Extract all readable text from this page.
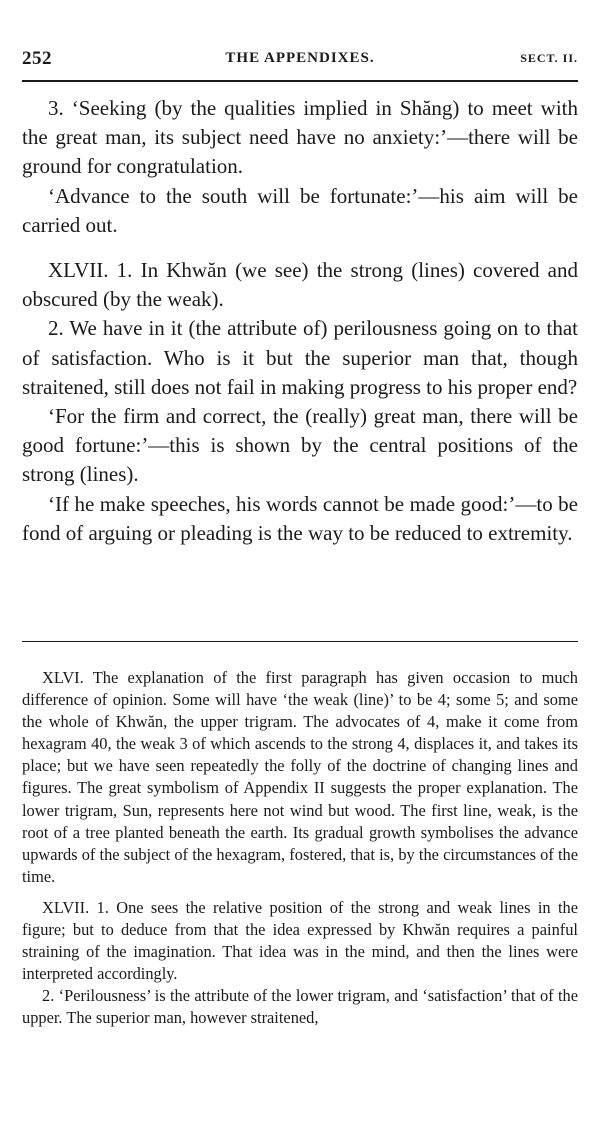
252	THE APPENDIXES.	SECT. II.

3. ‘Seeking (by the qualities implied in Shăng) to meet with the great man, its subject need have no anxiety:’—there will be ground for congratulation.

‘Advance to the south will be fortunate:’—his aim will be carried out.

XLVII. 1. In Khwăn (we see) the strong (lines) covered and obscured (by the weak).

2. We have in it (the attribute of) perilousness going on to that of satisfaction. Who is it but the superior man that, though straitened, still does not fail in making progress to his proper end?

‘For the firm and correct, the (really) great man, there will be good fortune:’—this is shown by the central positions of the strong (lines).

‘If he make speeches, his words cannot be made good:’—to be fond of arguing or pleading is the way to be reduced to extremity.

XLVI. The explanation of the first paragraph has given occasion to much difference of opinion. Some will have ‘the weak (line)’ to be 4; some 5; and some the whole of Khwăn, the upper trigram. The advocates of 4, make it come from hexagram 40, the weak 3 of which ascends to the strong 4, displaces it, and takes its place; but we have seen repeatedly the folly of the doctrine of changing lines and figures. The great symbolism of Appendix II suggests the proper explanation. The lower trigram, Sun, represents here not wind but wood. The first line, weak, is the root of a tree planted beneath the earth. Its gradual growth symbolises the advance upwards of the subject of the hexagram, fostered, that is, by the circumstances of the time.

XLVII. 1. One sees the relative position of the strong and weak lines in the figure; but to deduce from that the idea expressed by Khwăn requires a painful straining of the imagination. That idea was in the mind, and then the lines were interpreted accordingly.

2. ‘Perilousness’ is the attribute of the lower trigram, and ‘satisfaction’ that of the upper. The superior man, however straitened,
